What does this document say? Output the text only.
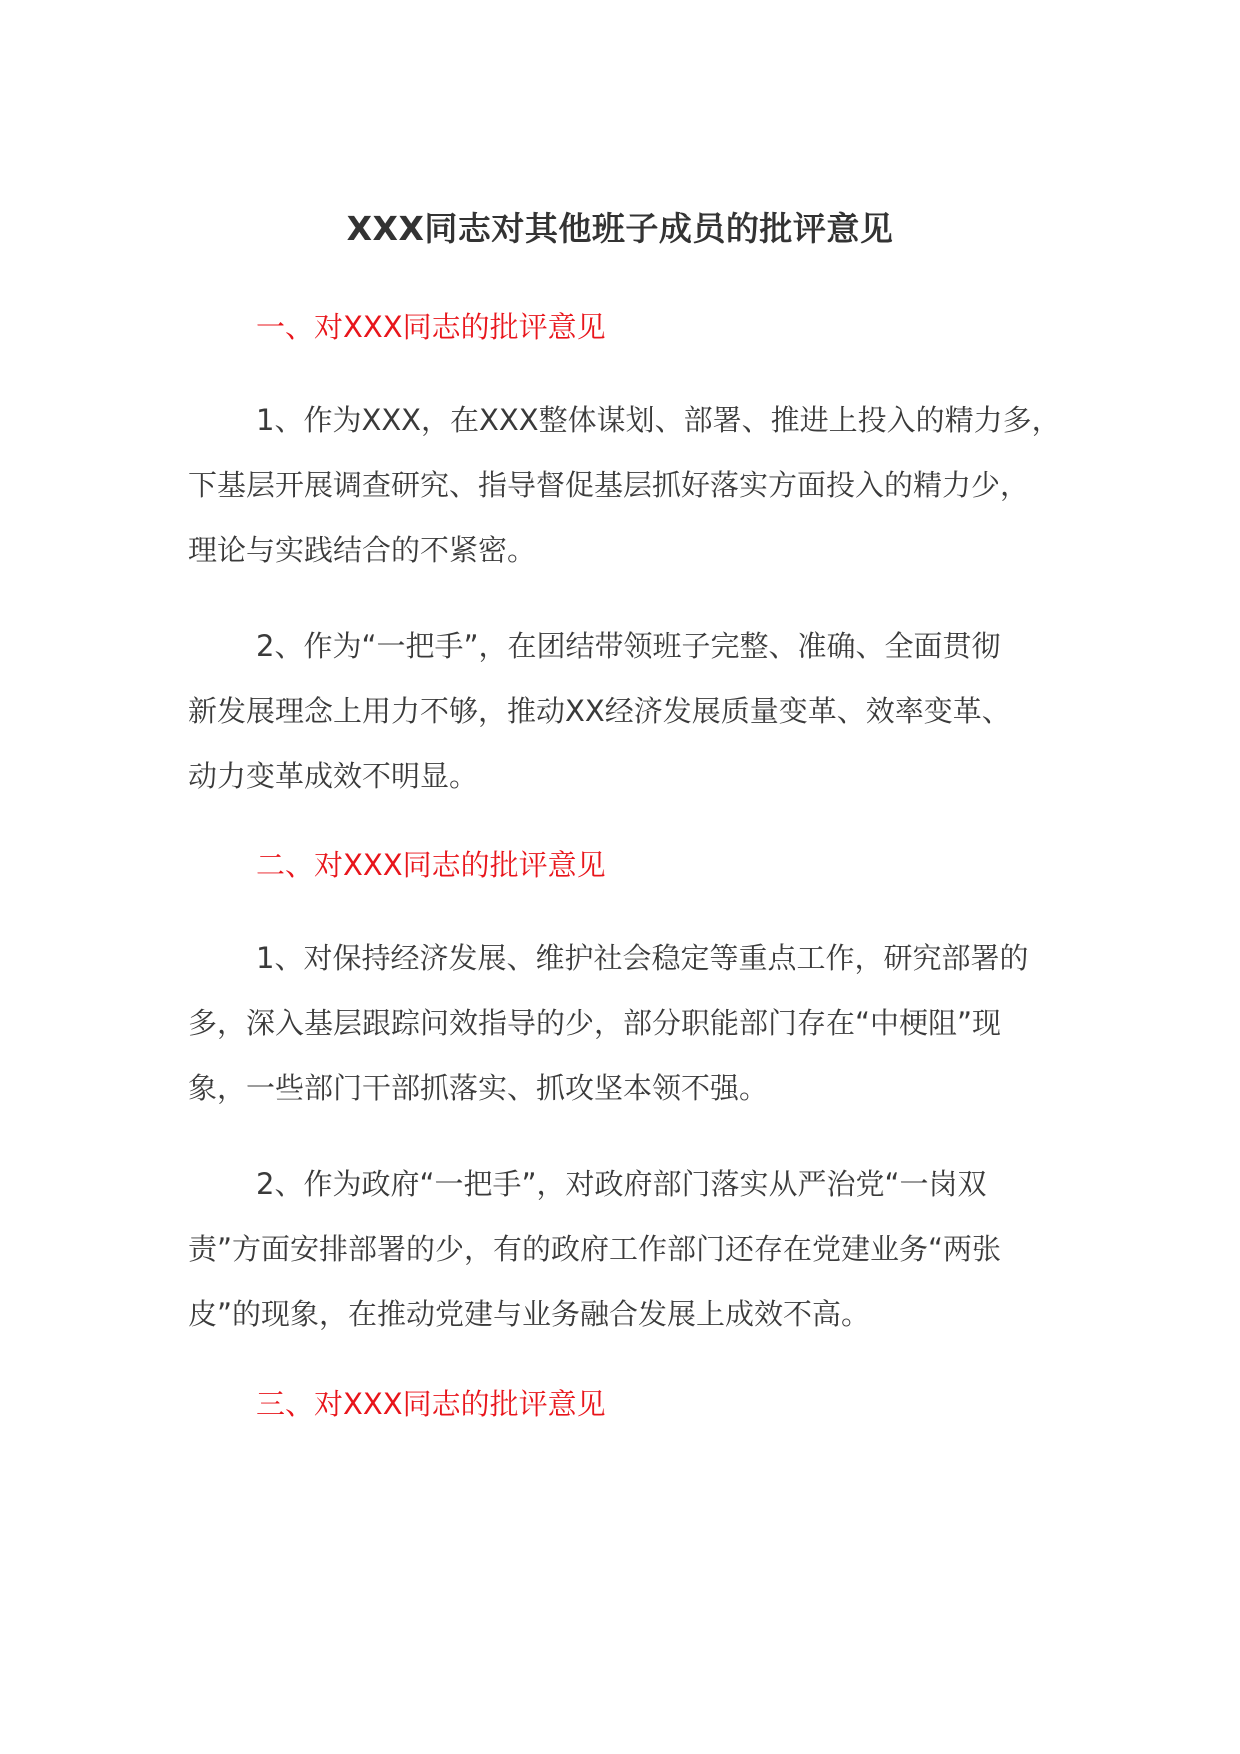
XXX同志对其他班子成员的批评意见
一、对XXX同志的批评意见
1、作为XXX，在XXX整体谋划、部署、推进上投入的精力多，
下基层开展调查研究、指导督促基层抓好落实方面投入的精力少，
理论与实践结合的不紧密。
2、作为“一把手”，在团结带领班子完整、准确、全面贯彻
新发展理念上用力不够，推动XX经济发展质量变革、效率变革、
动力变革成效不明显。
二、对XXX同志的批评意见
1、对保持经济发展、维护社会稳定等重点工作，研究部署的
多，深入基层跟踪问效指导的少，部分职能部门存在“中梗阻”现
象，一些部门干部抓落实、抓攻坚本领不强。
2、作为政府“一把手”，对政府部门落实从严治党“一岗双
责”方面安排部署的少，有的政府工作部门还存在党建业务“两张
皮”的现象，在推动党建与业务融合发展上成效不高。
三、对XXX同志的批评意见
